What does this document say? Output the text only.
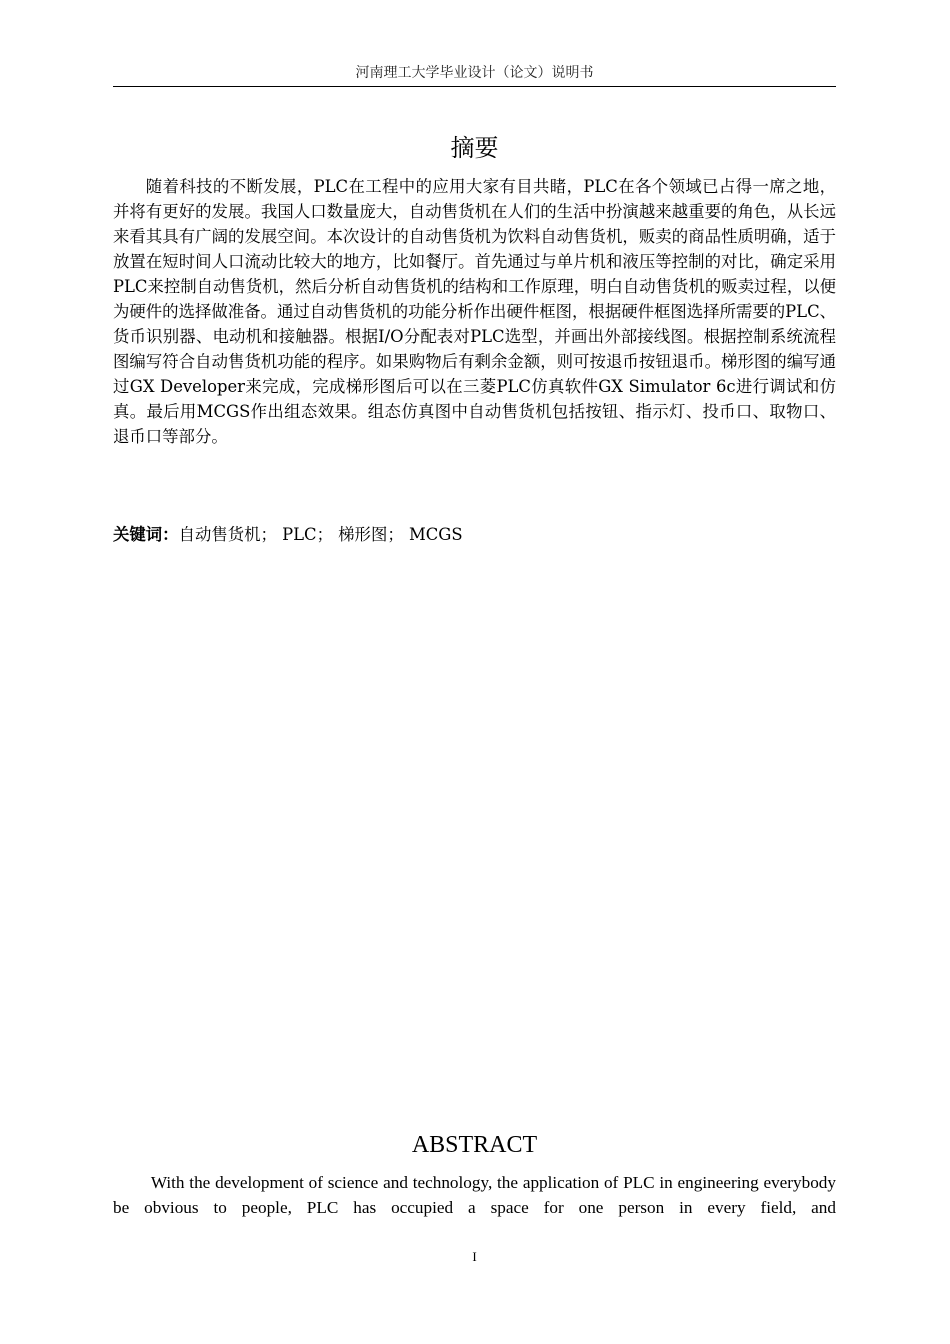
河南理工大学毕业设计（论文）说明书
摘要

随着科技的不断发展，PLC在工程中的应用大家有目共睹，PLC在各个领域已占得一席之地，并将有更好的发展。我国人口数量庞大，自动售货机在人们的生活中扮演越来越重要的角色，从长远来看其具有广阔的发展空间。本次设计的自动售货机为饮料自动售货机，贩卖的商品性质明确，适于放置在短时间人口流动比较大的地方，比如餐厅。首先通过与单片机和液压等控制的对比，确定采用PLC来控制自动售货机，然后分析自动售货机的结构和工作原理，明白自动售货机的贩卖过程，以便为硬件的选择做准备。通过自动售货机的功能分析作出硬件框图，根据硬件框图选择所需要的PLC、货币识别器、电动机和接触器。根据I/O分配表对PLC选型，并画出外部接线图。根据控制系统流程图编写符合自动售货机功能的程序。如果购物后有剩余金额，则可按退币按钮退币。梯形图的编写通过GX Developer来完成，完成梯形图后可以在三菱PLC仿真软件GX Simulator 6c进行调试和仿真。最后用MCGS作出组态效果。组态仿真图中自动售货机包括按钮、指示灯、投币口、取物口、退币口等部分。

关键词：自动售货机； PLC； 梯形图； MCGS
ABSTRACT

With the development of science and technology, the application of PLC in engineering everybody be obvious to people, PLC has occupied a space for one person in every field, and

I
